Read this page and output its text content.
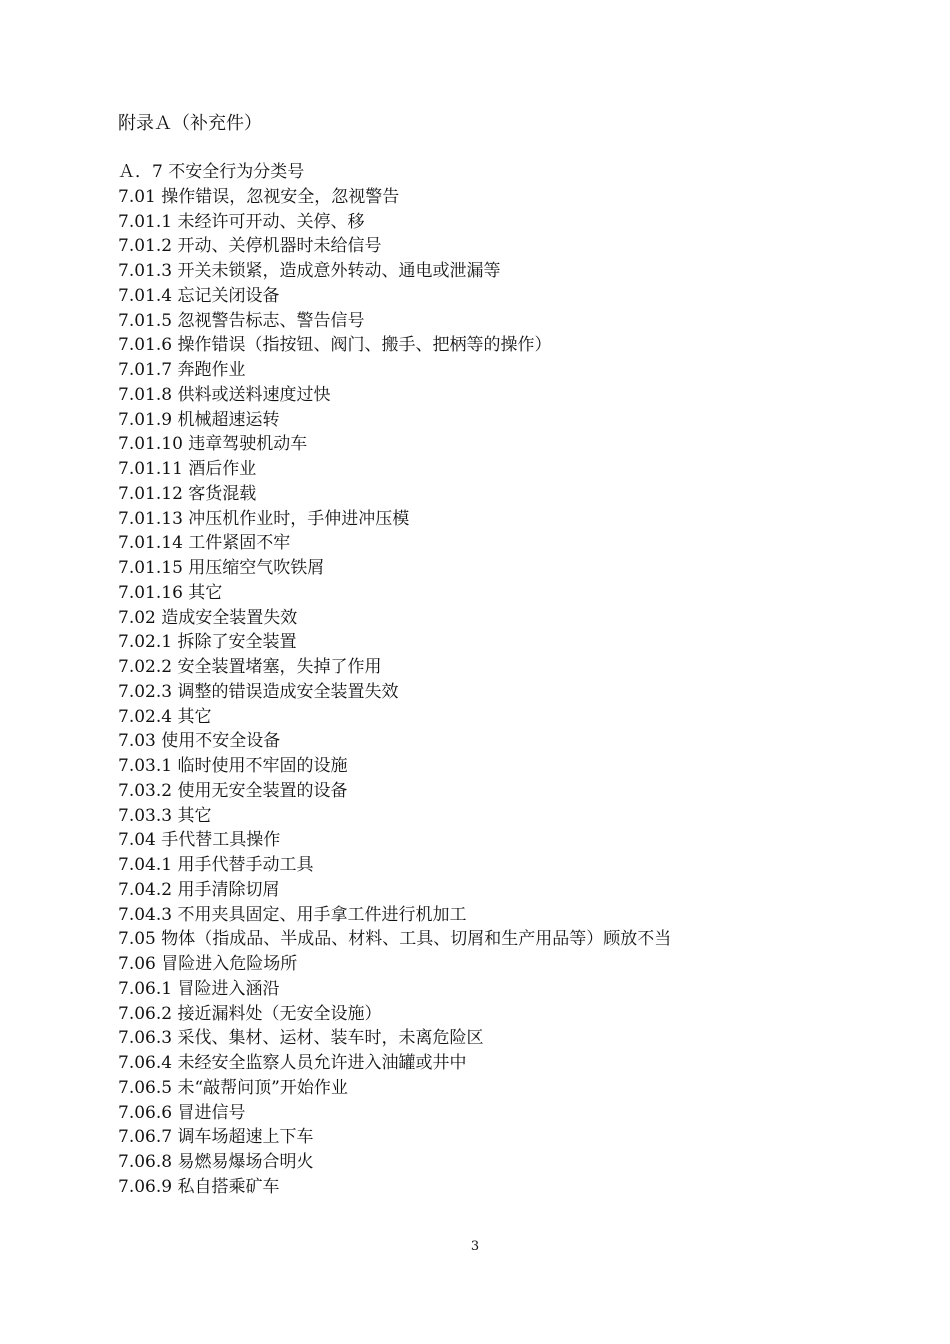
附录Ａ（补充件）
Ａ．7 不安全行为分类号
7.01 操作错误，忽视安全，忽视警告
7.01.1 未经许可开动、关停、移
7.01.2 开动、关停机器时未给信号
7.01.3 开关未锁紧，造成意外转动、通电或泄漏等
7.01.4 忘记关闭设备
7.01.5 忽视警告标志、警告信号
7.01.6 操作错误（指按钮、阀门、搬手、把柄等的操作）
7.01.7 奔跑作业
7.01.8 供料或送料速度过快
7.01.9 机械超速运转
7.01.10 违章驾驶机动车
7.01.11 酒后作业
7.01.12 客货混载
7.01.13 冲压机作业时，手伸进冲压模
7.01.14 工件紧固不牢
7.01.15 用压缩空气吹铁屑
7.01.16 其它
7.02 造成安全装置失效
7.02.1 拆除了安全装置
7.02.2 安全装置堵塞，失掉了作用
7.02.3 调整的错误造成安全装置失效
7.02.4 其它
7.03 使用不安全设备
7.03.1 临时使用不牢固的设施
7.03.2 使用无安全装置的设备
7.03.3 其它
7.04 手代替工具操作
7.04.1 用手代替手动工具
7.04.2 用手清除切屑
7.04.3 不用夹具固定、用手拿工件进行机加工
7.05 物体（指成品、半成品、材料、工具、切屑和生产用品等）顾放不当
7.06 冒险进入危险场所
7.06.1 冒险进入涵沿
7.06.2 接近漏料处（无安全设施）
7.06.3 采伐、集材、运材、装车时，未离危险区
7.06.4 未经安全监察人员允许进入油罐或井中
7.06.5 未“敲帮问顶”开始作业
7.06.6 冒进信号
7.06.7 调车场超速上下车
7.06.8 易燃易爆场合明火
7.06.9 私自搭乘矿车
3
